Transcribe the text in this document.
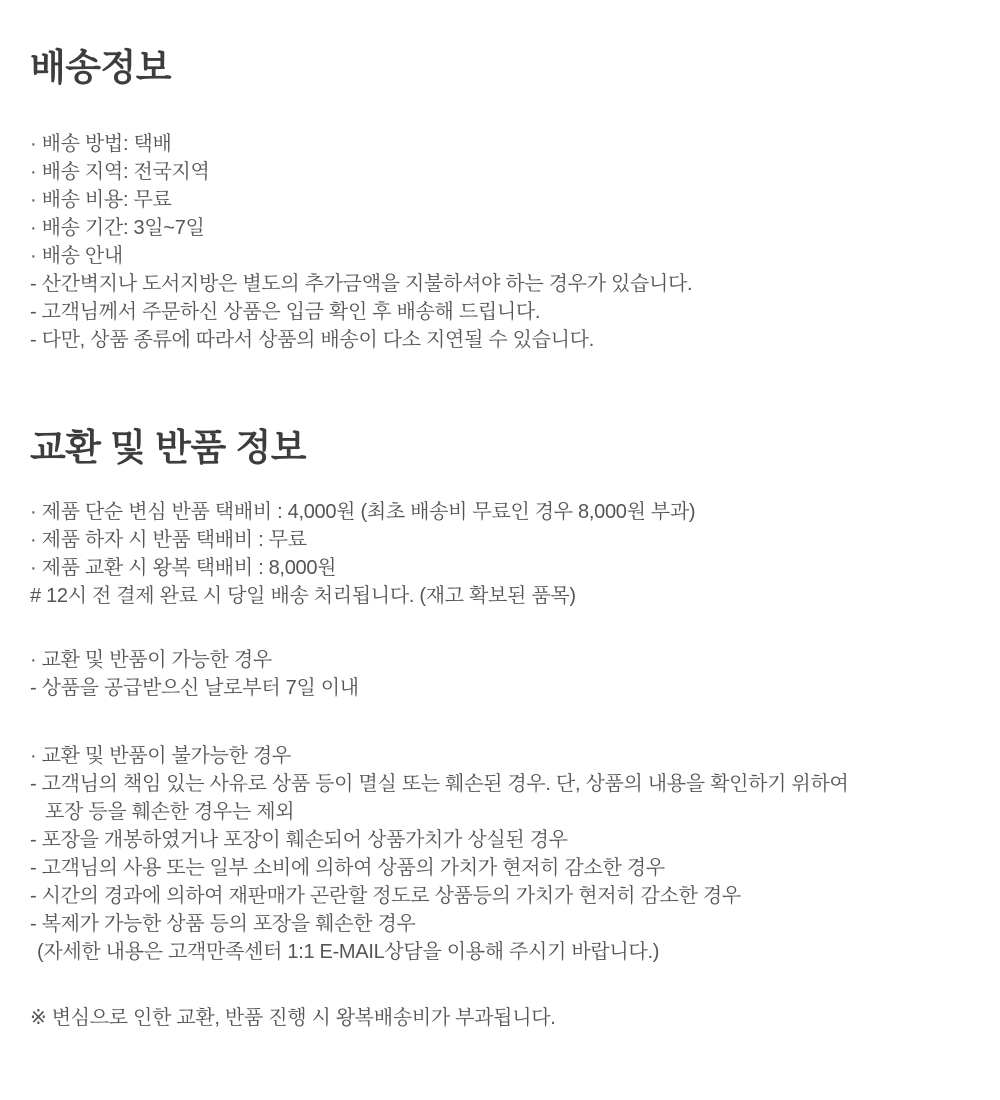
배송정보
· 배송 방법: 택배
· 배송 지역: 전국지역
· 배송 비용: 무료
· 배송 기간: 3일~7일
· 배송 안내
- 산간벽지나 도서지방은 별도의 추가금액을 지불하셔야 하는 경우가 있습니다.
- 고객님께서 주문하신 상품은 입금 확인 후 배송해 드립니다.
- 다만, 상품 종류에 따라서 상품의 배송이 다소 지연될 수 있습니다.
교환 및 반품 정보
· 제품 단순 변심 반품 택배비 : 4,000원 (최초 배송비 무료인 경우 8,000원 부과)
· 제품 하자 시 반품 택배비 : 무료
· 제품 교환 시 왕복 택배비 : 8,000원
# 12시 전 결제 완료 시 당일 배송 처리됩니다. (재고 확보된 품목)
· 교환 및 반품이 가능한 경우
- 상품을 공급받으신 날로부터 7일 이내
· 교환 및 반품이 불가능한 경우
- 고객님의 책임 있는 사유로 상품 등이 멸실 또는 훼손된 경우. 단, 상품의 내용을 확인하기 위하여
포장 등을 훼손한 경우는 제외
- 포장을 개봉하였거나 포장이 훼손되어 상품가치가 상실된 경우
- 고객님의 사용 또는 일부 소비에 의하여 상품의 가치가 현저히 감소한 경우
- 시간의 경과에 의하여 재판매가 곤란할 정도로 상품등의 가치가 현저히 감소한 경우
- 복제가 가능한 상품 등의 포장을 훼손한 경우
(자세한 내용은 고객만족센터 1:1 E-MAIL상담을 이용해 주시기 바랍니다.)
※ 변심으로 인한 교환, 반품 진행 시 왕복배송비가 부과됩니다.
